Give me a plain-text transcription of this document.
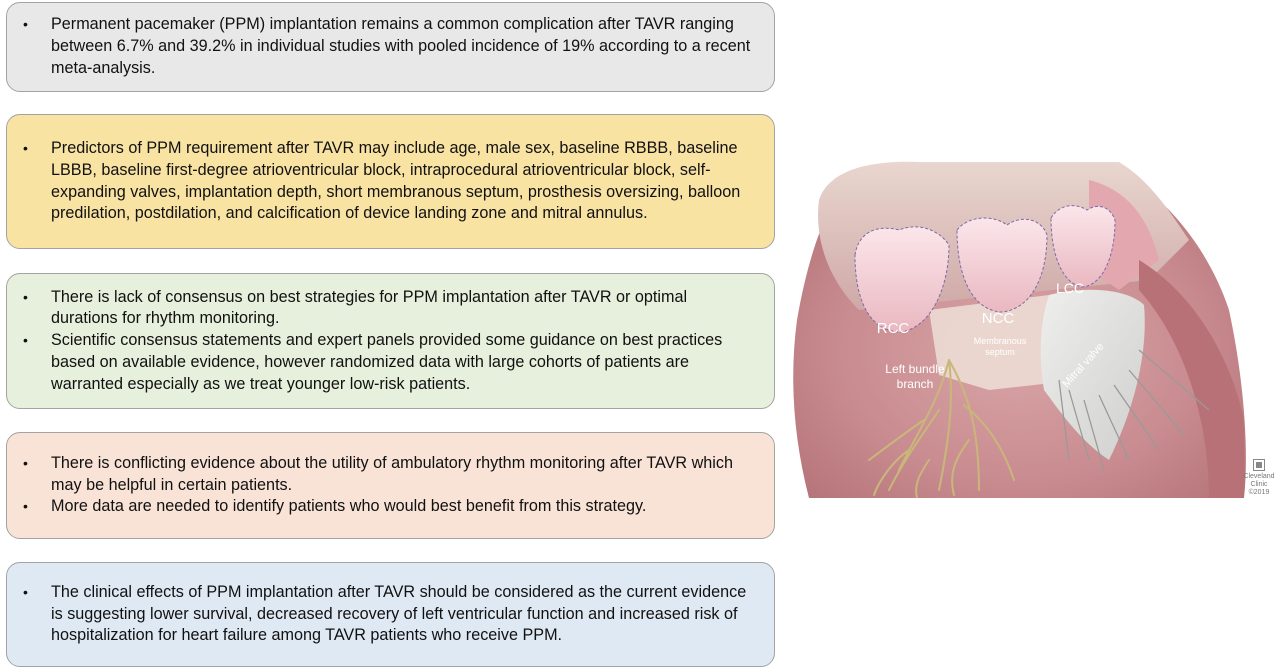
•	Permanent pacemaker (PPM) implantation remains a common complication after TAVR ranging between 6.7% and 39.2% in individual studies with pooled incidence of 19% according to a recent meta-analysis.
•	Predictors of PPM requirement after TAVR may include age, male sex, baseline RBBB, baseline LBBB, baseline first-degree atrioventricular block, intraprocedural atrioventricular block, self-expanding valves, implantation depth, short membranous septum, prosthesis oversizing, balloon predilation, postdilation, and calcification of device landing zone and mitral annulus.
•	There is lack of consensus on best strategies for PPM implantation after TAVR or optimal durations for rhythm monitoring.
•	Scientific consensus statements and expert panels provided some guidance on best practices based on available evidence, however randomized data with large cohorts of patients are warranted especially as we treat younger low-risk patients.
•	There is conflicting evidence about the utility of ambulatory rhythm monitoring after TAVR which may be helpful in certain patients.
•	More data are needed to identify patients who would best benefit from this strategy.
•	The clinical effects of PPM implantation after TAVR should be considered as the current evidence is suggesting lower survival, decreased recovery of left ventricular function and increased risk of hospitalization for heart failure among TAVR patients who receive PPM.
RCC
NCC
LCC
Membranous
septum	Mitral valve
Left bundle
branch
Cleveland
Clinic
©2019
